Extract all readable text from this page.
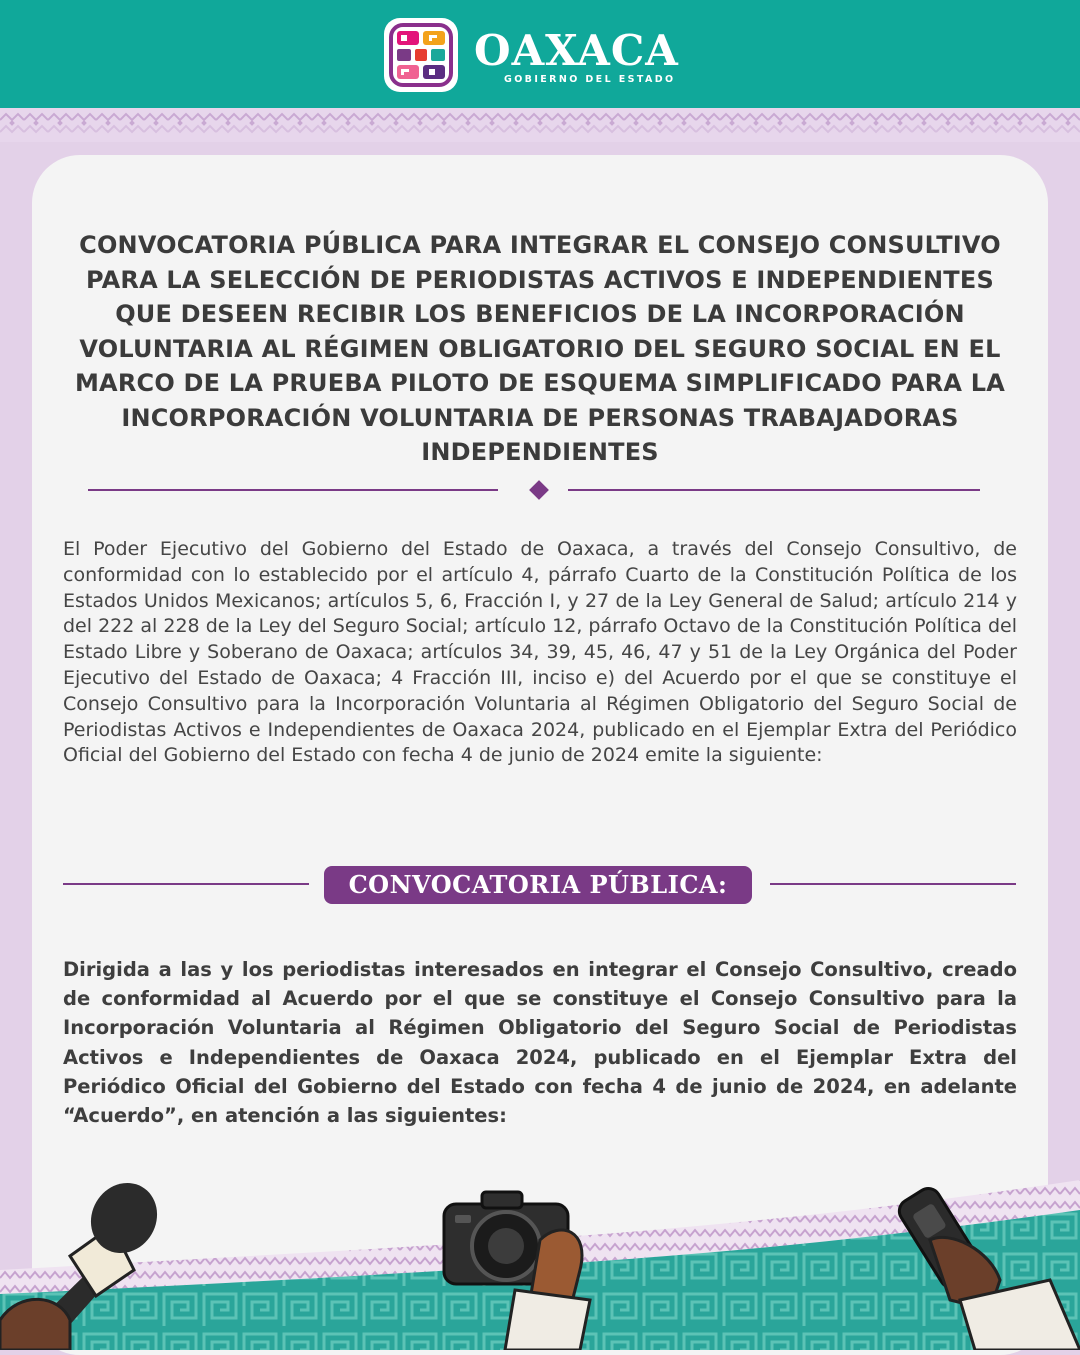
OAXACA
GOBIERNO DEL ESTADO
CONVOCATORIA PÚBLICA PARA INTEGRAR EL CONSEJO CONSULTIVO PARA LA SELECCIÓN DE PERIODISTAS ACTIVOS E INDEPENDIENTES QUE DESEEN RECIBIR LOS BENEFICIOS DE LA INCORPORACIÓN VOLUNTARIA AL RÉGIMEN OBLIGATORIO DEL SEGURO SOCIAL EN EL MARCO DE LA PRUEBA PILOTO DE ESQUEMA SIMPLIFICADO PARA LA INCORPORACIÓN VOLUNTARIA DE PERSONAS TRABAJADORAS INDEPENDIENTES

El Poder Ejecutivo del Gobierno del Estado de Oaxaca, a través del Consejo Consultivo, de conformidad con lo establecido por el artículo 4, párrafo Cuarto de la Constitución Política de los Estados Unidos Mexicanos; artículos 5, 6, Fracción I, y 27 de la Ley General de Salud; artículo 214 y del 222 al 228 de la Ley del Seguro Social; artículo 12, párrafo Octavo de la Constitución Política del Estado Libre y Soberano de Oaxaca; artículos 34, 39, 45, 46, 47 y 51 de la Ley Orgánica del Poder Ejecutivo del Estado de Oaxaca; 4 Fracción III, inciso e) del Acuerdo por el que se constituye el Consejo Consultivo para la Incorporación Voluntaria al Régimen Obligatorio del Seguro Social de Periodistas Activos e Independientes de Oaxaca 2024, publicado en el Ejemplar Extra del Periódico Oficial del Gobierno del Estado con fecha 4 de junio de 2024 emite la siguiente:

CONVOCATORIA PÚBLICA:

Dirigida a las y los periodistas interesados en integrar el Consejo Consultivo, creado de conformidad al Acuerdo por el que se constituye el Consejo Consultivo para la Incorporación Voluntaria al Régimen Obligatorio del Seguro Social de Periodistas Activos e Independientes de Oaxaca 2024, publicado en el Ejemplar Extra del Periódico Oficial del Gobierno del Estado con fecha 4 de junio de 2024, en adelante “Acuerdo”, en atención a las siguientes:
